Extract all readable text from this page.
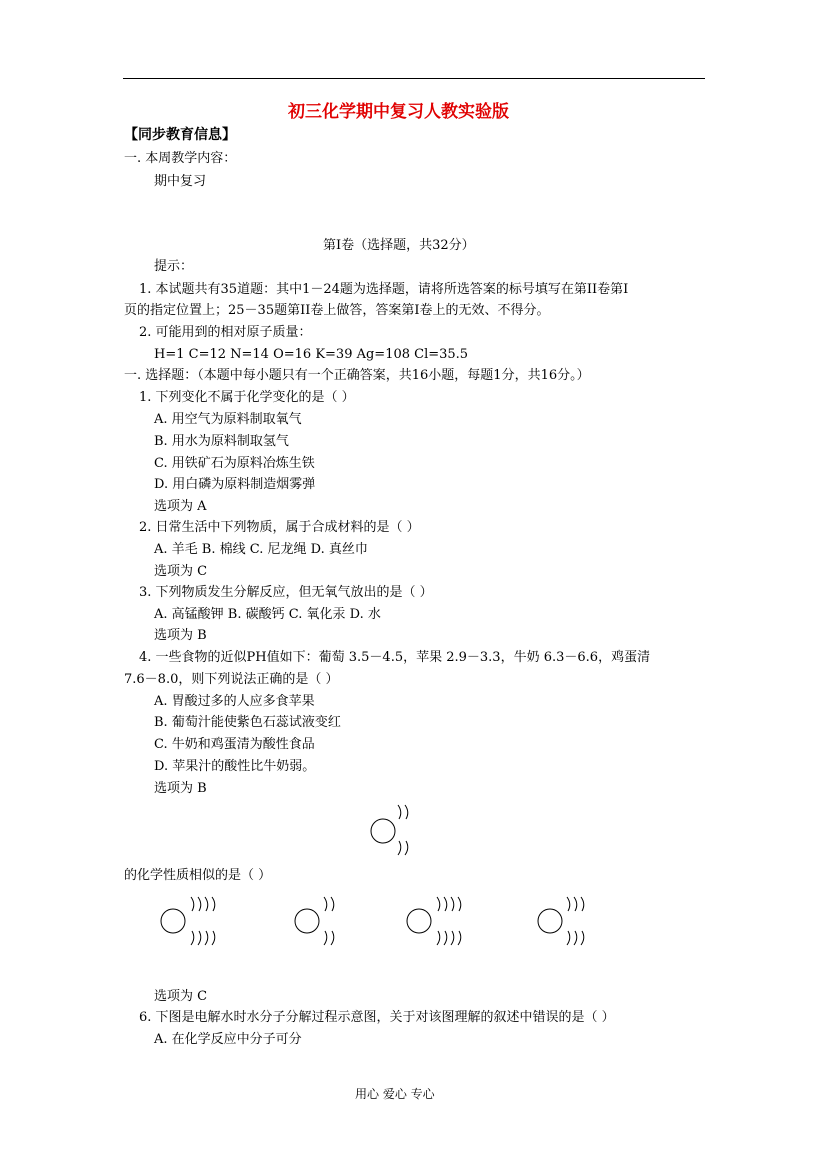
初三化学期中复习人教实验版
【同步教育信息】
一. 本周教学内容：
期中复习
第Ⅰ卷（选择题，共32分）
提示：
1. 本试题共有35道题：其中1－24题为选择题，请将所选答案的标号填写在第II卷第Ⅰ
页的指定位置上；25－35题第II卷上做答，答案第Ⅰ卷上的无效、不得分。
2. 可能用到的相对原子质量：
H=1 C=12 N=14 O=16 K=39 Ag=108 Cl=35.5
一. 选择题：（本题中每小题只有一个正确答案，共16小题，每题1分，共16分。）
1. 下列变化不属于化学变化的是（ ）
A. 用空气为原料制取氧气
B. 用水为原料制取氢气
C. 用铁矿石为原料冶炼生铁
D. 用白磷为原料制造烟雾弹
选项为 A
2. 日常生活中下列物质，属于合成材料的是（ ）
A. 羊毛 B. 棉线 C. 尼龙绳 D. 真丝巾
选项为 C
3. 下列物质发生分解反应，但无氧气放出的是（ ）
A. 高锰酸钾 B. 碳酸钙 C. 氧化汞 D. 水
选项为 B
4. 一些食物的近似PH值如下：葡萄 3.5－4.5，苹果 2.9－3.3，牛奶 6.3－6.6，鸡蛋清
7.6－8.0，则下列说法正确的是（ ）
A. 胃酸过多的人应多食苹果
B. 葡萄汁能使紫色石蕊试液变红
C. 牛奶和鸡蛋清为酸性食品
D. 苹果汁的酸性比牛奶弱。
选项为 B
的化学性质相似的是（ ）
选项为 C
6. 下图是电解水时水分子分解过程示意图，关于对该图理解的叙述中错误的是（ ）
A. 在化学反应中分子可分
用心 爱心 专心
